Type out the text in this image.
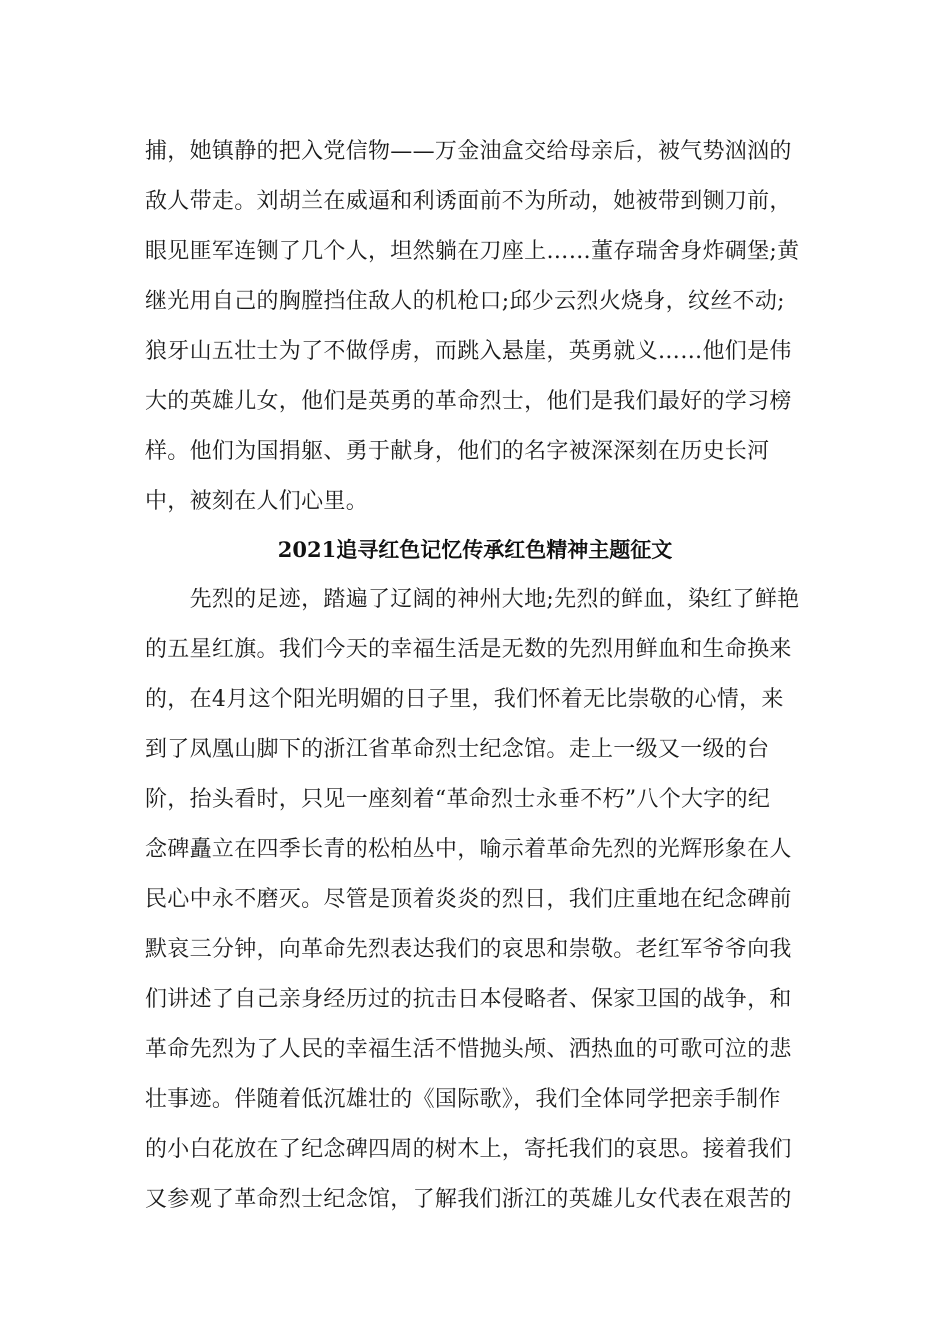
捕，她镇静的把入党信物——万金油盒交给母亲后，被气势汹汹的
敌人带走。刘胡兰在威逼和利诱面前不为所动，她被带到铡刀前，
眼见匪军连铡了几个人，坦然躺在刀座上……董存瑞舍身炸碉堡;黄
继光用自己的胸膛挡住敌人的机枪口;邱少云烈火烧身，纹丝不动;
狼牙山五壮士为了不做俘虏，而跳入悬崖，英勇就义……他们是伟
大的英雄儿女，他们是英勇的革命烈士，他们是我们最好的学习榜
样。他们为国捐躯、勇于献身，他们的名字被深深刻在历史长河
中，被刻在人们心里。
2021追寻红色记忆传承红色精神主题征文
　　先烈的足迹，踏遍了辽阔的神州大地;先烈的鲜血，染红了鲜艳
的五星红旗。我们今天的幸福生活是无数的先烈用鲜血和生命换来
的，在4月这个阳光明媚的日子里，我们怀着无比崇敬的心情，来
到了凤凰山脚下的浙江省革命烈士纪念馆。走上一级又一级的台
阶，抬头看时，只见一座刻着“革命烈士永垂不朽”八个大字的纪
念碑矗立在四季长青的松柏丛中，喻示着革命先烈的光辉形象在人
民心中永不磨灭。尽管是顶着炎炎的烈日，我们庄重地在纪念碑前
默哀三分钟，向革命先烈表达我们的哀思和崇敬。老红军爷爷向我
们讲述了自己亲身经历过的抗击日本侵略者、保家卫国的战争，和
革命先烈为了人民的幸福生活不惜抛头颅、洒热血的可歌可泣的悲
壮事迹。伴随着低沉雄壮的《国际歌》，我们全体同学把亲手制作
的小白花放在了纪念碑四周的树木上，寄托我们的哀思。接着我们
又参观了革命烈士纪念馆，了解我们浙江的英雄儿女代表在艰苦的
